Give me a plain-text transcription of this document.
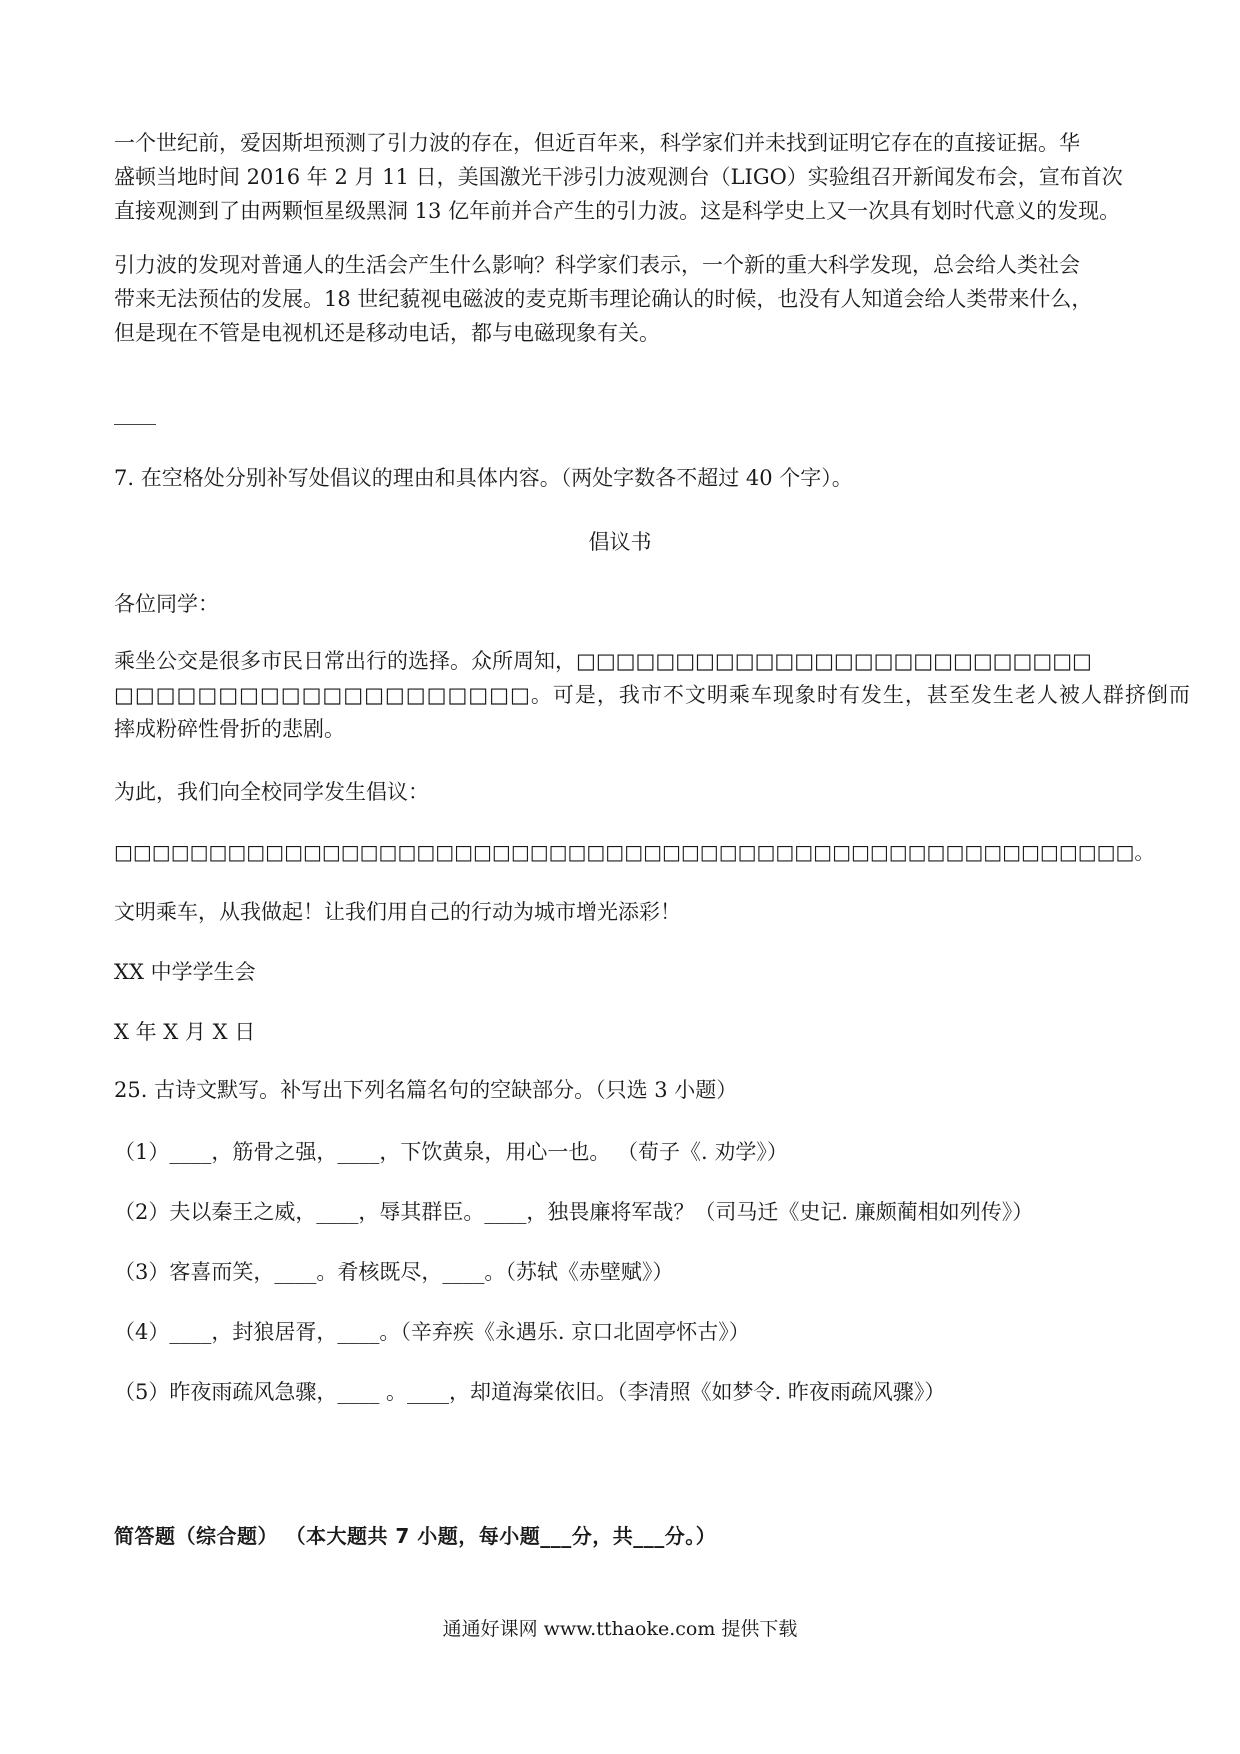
一个世纪前，爱因斯坦预测了引力波的存在，但近百年来，科学家们并未找到证明它存在的直接证据。华
盛顿当地时间 2016 年 2 月 11 日，美国激光干涉引力波观测台（LIGO）实验组召开新闻发布会，宣布首次
直接观测到了由两颗恒星级黑洞 13 亿年前并合产生的引力波。这是科学史上又一次具有划时代意义的发现。
引力波的发现对普通人的生活会产生什么影响？科学家们表示，一个新的重大科学发现，总会给人类社会
带来无法预估的发展。18 世纪藐视电磁波的麦克斯韦理论确认的时候，也没有人知道会给人类带来什么，
但是现在不管是电视机还是移动电话，都与电磁现象有关。

7. 在空格处分别补写处倡议的理由和具体内容。（两处字数各不超过 40 个字）。

倡议书

各位同学：

乘坐公交是很多市民日常出行的选择。众所周知，□□□□□□□□□□□□□□□□□□□□□□□□□□
□□□□□□□□□□□□□□□□□□□□。可是，我市不文明乘车现象时有发生，甚至发生老人被人群挤倒而
摔成粉碎性骨折的悲剧。

为此，我们向全校同学发生倡议：

□□□□□□□□□□□□□□□□□□□□□□□□□□□□□□□□□□□□□□□□□□□□□□□□□□□□□□。

文明乘车，从我做起！让我们用自己的行动为城市增光添彩！

XX 中学学生会

X 年 X 月 X 日

25. 古诗文默写。补写出下列名篇名句的空缺部分。（只选 3 小题）

（1）____，筋骨之强，____，下饮黄泉，用心一也。 （荀子《. 劝学》）

（2）夫以秦王之威，____，辱其群臣。____，独畏廉将军哉？（司马迁《史记. 廉颇蔺相如列传》）

（3）客喜而笑，____。肴核既尽，____。（苏轼《赤壁赋》）

（4）____，封狼居胥，____。（辛弃疾《永遇乐. 京口北固亭怀古》）

（5）昨夜雨疏风急骤，____ 。____，却道海棠依旧。（李清照《如梦令. 昨夜雨疏风骤》）

简答题（综合题） （本大题共 7 小题，每小题___分，共___分。）

通通好课网 www.tthaoke.com 提供下载
